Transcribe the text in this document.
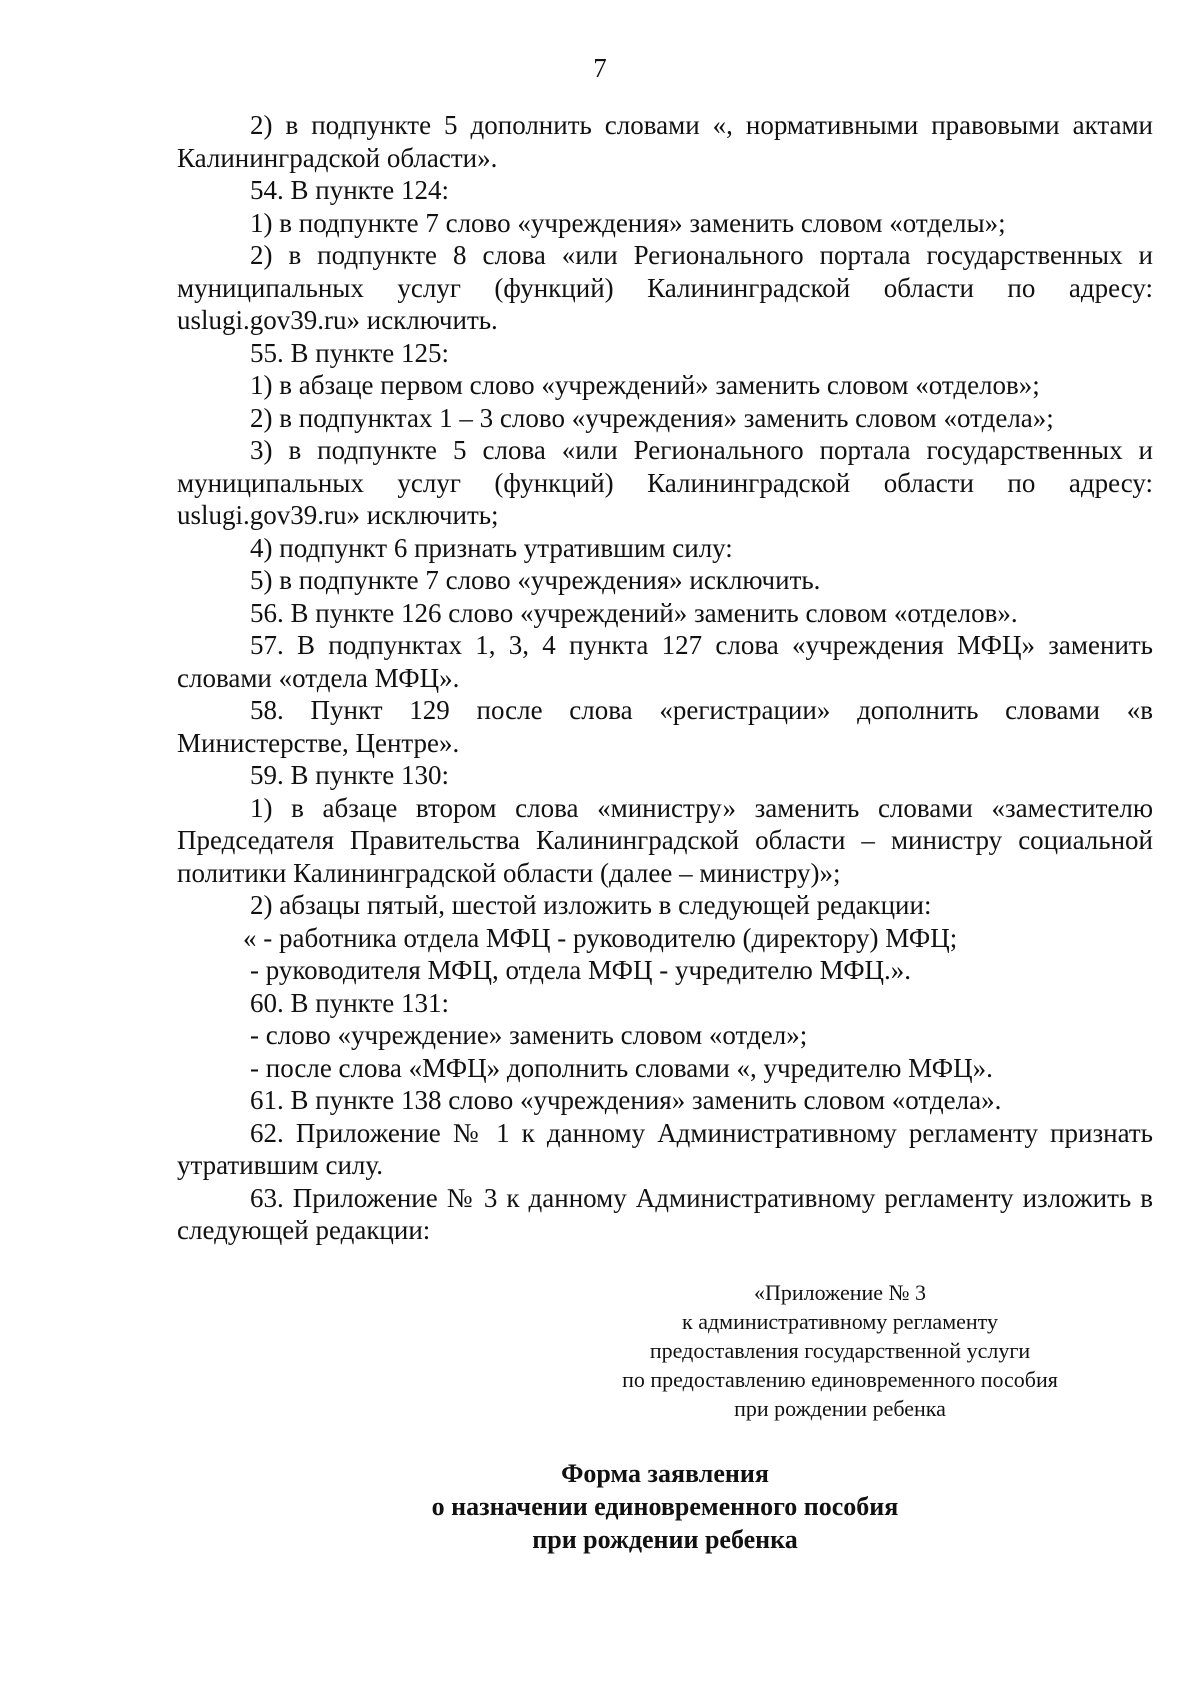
7

2) в подпункте 5 дополнить словами «, нормативными правовыми актами Калининградской области».

54. В пункте 124:

1) в подпункте 7 слово «учреждения» заменить словом «отделы»;

2) в подпункте 8 слова «или Регионального портала государственных и муниципальных услуг (функций) Калининградской области по адресу: uslugi.gov39.ru» исключить.

55. В пункте 125:

1) в абзаце первом слово «учреждений» заменить словом «отделов»;

2) в подпунктах 1 – 3 слово «учреждения» заменить словом «отдела»;

3) в подпункте 5 слова «или Регионального портала государственных и муниципальных услуг (функций) Калининградской области по адресу: uslugi.gov39.ru» исключить;

4) подпункт 6 признать утратившим силу:

5) в подпункте 7 слово «учреждения» исключить.

56. В пункте 126 слово «учреждений» заменить словом «отделов».

57. В подпунктах 1, 3, 4 пункта 127 слова «учреждения МФЦ» заменить словами «отдела МФЦ».

58. Пункт 129 после слова «регистрации» дополнить словами «в Министерстве, Центре».

59. В пункте 130:

1) в абзаце втором слова «министру» заменить словами «заместителю Председателя Правительства Калининградской области – министру социальной политики Калининградской области (далее – министру)»;

2) абзацы пятый, шестой изложить в следующей редакции:

« - работника отдела МФЦ - руководителю (директору) МФЦ;

- руководителя МФЦ, отдела МФЦ - учредителю МФЦ.».

60. В пункте 131:

- слово «учреждение» заменить словом «отдел»;

- после слова «МФЦ» дополнить словами «, учредителю МФЦ».

61. В пункте 138 слово «учреждения» заменить словом «отдела».

62. Приложение № 1 к данному Административному регламенту признать утратившим силу.

63. Приложение № 3 к данному Административному регламенту изложить в следующей редакции:

«Приложение № 3
к административному регламенту
предоставления государственной услуги
по предоставлению единовременного пособия
при рождении ребенка
Форма заявления
о назначении единовременного пособия
при рождении ребенка
